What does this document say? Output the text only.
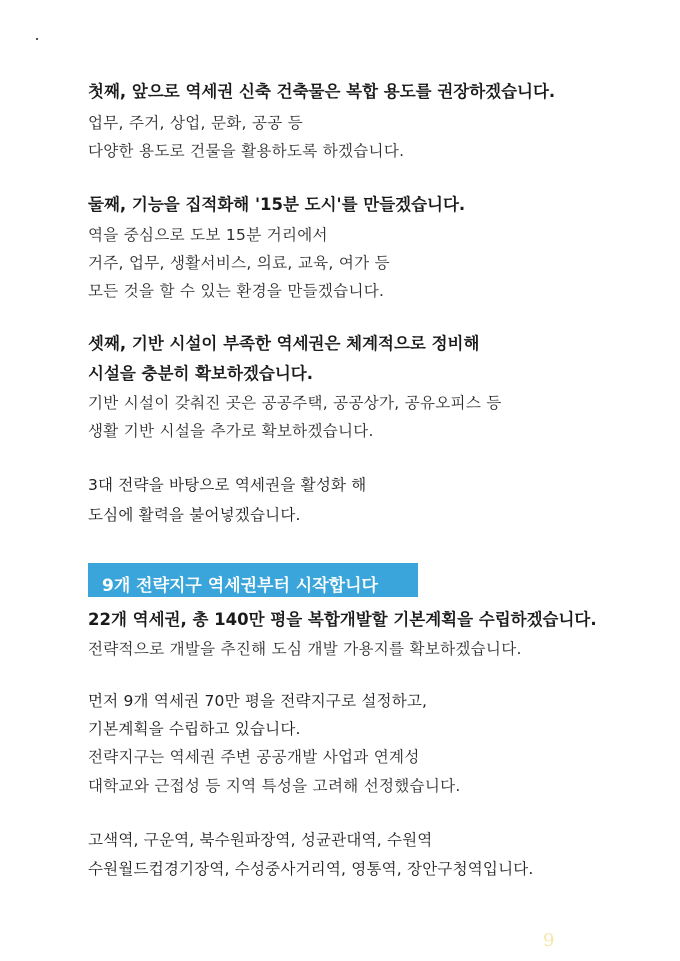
첫째, 앞으로 역세권 신축 건축물은 복합 용도를 권장하겠습니다.
업무, 주거, 상업, 문화, 공공 등
다양한 용도로 건물을 활용하도록 하겠습니다.
둘째, 기능을 집적화해 '15분 도시'를 만들겠습니다.
역을 중심으로 도보 15분 거리에서
거주, 업무, 생활서비스, 의료, 교육, 여가 등
모든 것을 할 수 있는 환경을 만들겠습니다.
셋째, 기반 시설이 부족한 역세권은 체계적으로 정비해
시설을 충분히 확보하겠습니다.
기반 시설이 갖춰진 곳은 공공주택, 공공상가, 공유오피스 등
생활 기반 시설을 추가로 확보하겠습니다.
3대 전략을 바탕으로 역세권을 활성화 해
도심에 활력을 불어넣겠습니다.
9개 전략지구 역세권부터 시작합니다
22개 역세권, 총 140만 평을 복합개발할 기본계획을 수립하겠습니다.
전략적으로 개발을 추진해 도심 개발 가용지를 확보하겠습니다.
먼저 9개 역세권 70만 평을 전략지구로 설정하고,
기본계획을 수립하고 있습니다.
전략지구는 역세권 주변 공공개발 사업과 연계성
대학교와 근접성 등 지역 특성을 고려해 선정했습니다.
고색역, 구운역, 북수원파장역, 성균관대역, 수원역
수원월드컵경기장역, 수성중사거리역, 영통역, 장안구청역입니다.
9
